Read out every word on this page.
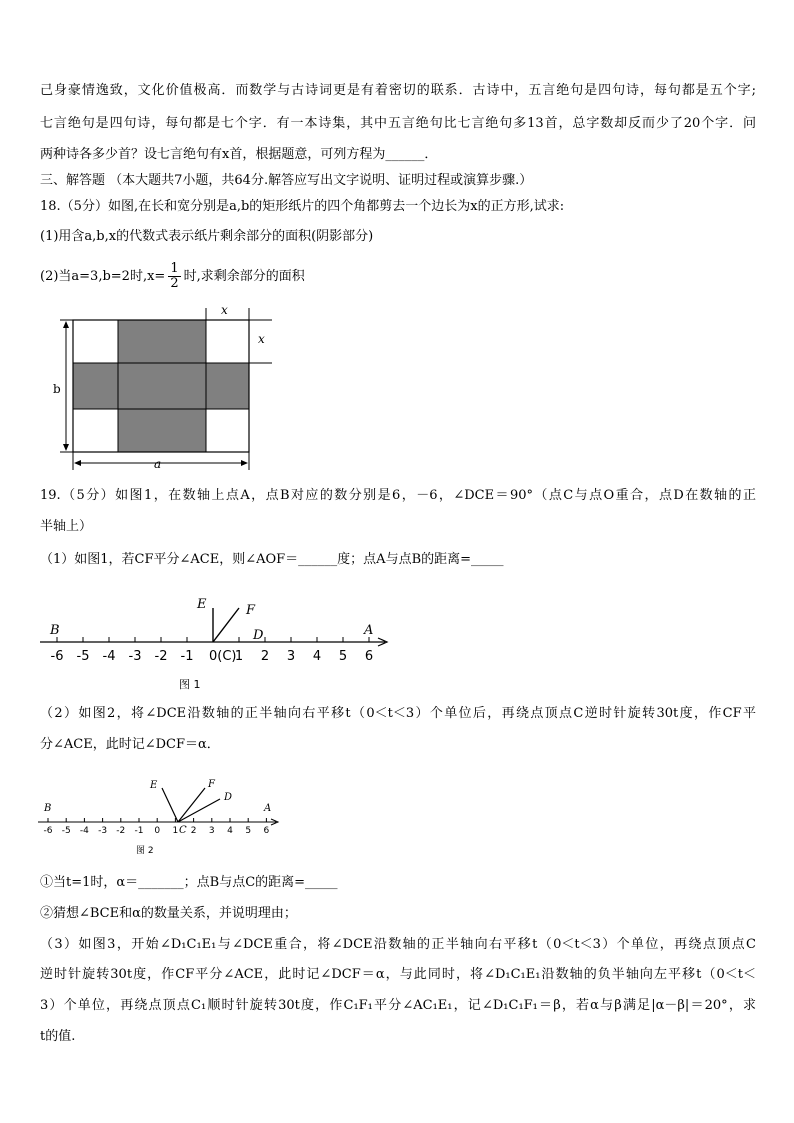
己身豪情逸致，文化价值极高．而数学与古诗词更是有着密切的联系．古诗中，五言绝句是四句诗，每句都是五个字;
七言绝句是四句诗，每句都是七个字．有一本诗集，其中五言绝句比七言绝句多13首，总字数却反而少了20个字．问
两种诗各多少首？设七言绝句有x首，根据题意，可列方程为______．
三、解答题 （本大题共7小题，共64分.解答应写出文字说明、证明过程或演算步骤.）
18.（5分）如图,在长和宽分别是a,b的矩形纸片的四个角都剪去一个边长为x的正方形,试求:
(1)用含a,b,x的代数式表示纸片剩余部分的面积(阴影部分)
(2)当a=3,b=2时$,x= \frac{1}{2}$ 时,求剩余部分的面积
x
x
b
a
19.（5分）如图1，在数轴上点A，点B对应的数分别是6，－6，∠DCE＝90°（点C与点O重合，点D在数轴的正
半轴上）
（1）如图1，若CF平分∠ACE，则∠AOF＝______度；点A与点B的距离=_____
E	F
D	A
B
-6 -5 -4 -3 -2 -1 0(C)
1 2 3 4 5 6
图 1
（2）如图2，将∠DCE沿数轴的正半轴向右平移t（0＜t＜3）个单位后，再绕点顶点C逆时针旋转30t度，作CF平
分∠ACE，此时记∠DCF＝α．
E	F
D
A
B
C
-6 -5 -4 -3 -2 -1 0 1 2 3 4 5 6
图 2
①当t=1时，α＝_______；点B与点C的距离=_____
②猜想∠BCE和α的数量关系，并说明理由；
（3）如图3，开始∠D₁C₁E₁与∠DCE重合，将∠DCE沿数轴的正半轴向右平移t（0＜t＜3）个单位，再绕点顶点C
逆时针旋转30t度，作CF平分∠ACE，此时记∠DCF＝α，与此同时，将∠D₁C₁E₁沿数轴的负半轴向左平移t（0＜t＜
3）个单位，再绕点顶点C₁顺时针旋转30t度，作C₁F₁平分∠AC₁E₁，记∠D₁C₁F₁＝β，若α与β满足|α－β|＝20°，求
t的值.
